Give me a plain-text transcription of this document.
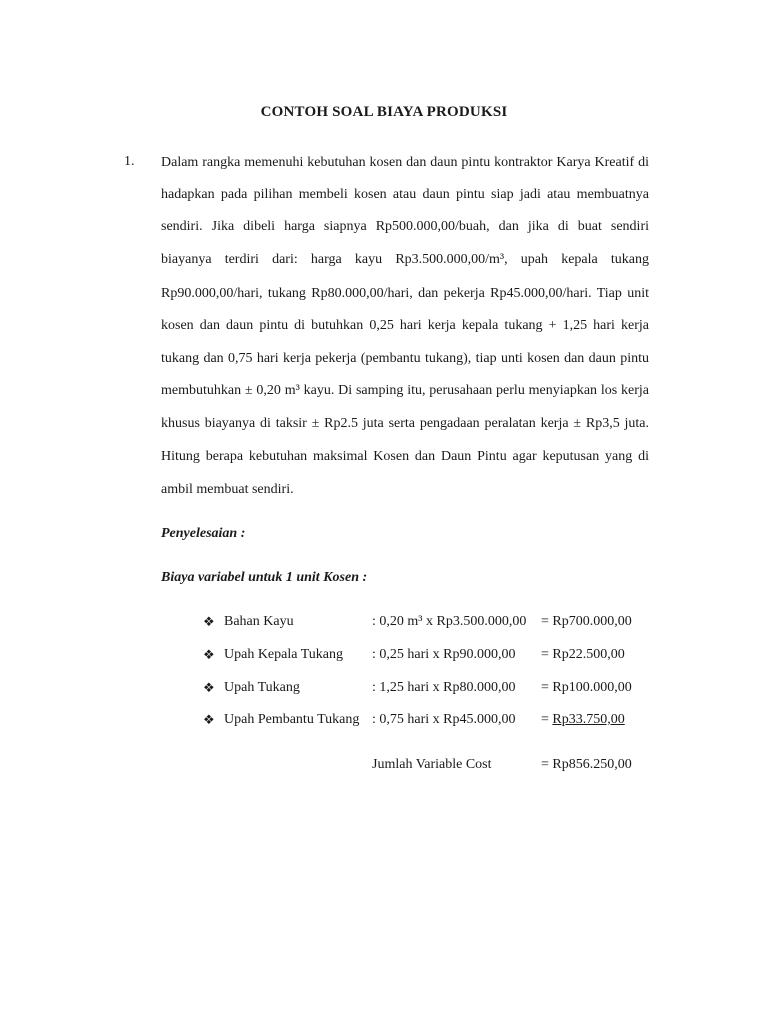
CONTOH SOAL BIAYA PRODUKSI
1. Dalam rangka memenuhi kebutuhan kosen dan daun pintu kontraktor Karya Kreatif di
hadapkan pada pilihan membeli kosen atau daun pintu siap jadi atau membuatnya
sendiri. Jika dibeli harga siapnya Rp500.000,00/buah, dan jika di buat sendiri
biayanya terdiri dari: harga kayu Rp3.500.000,00/m³, upah kepala tukang
Rp90.000,00/hari, tukang Rp80.000,00/hari, dan pekerja Rp45.000,00/hari. Tiap unit
kosen dan daun pintu di butuhkan 0,25 hari kerja kepala tukang + 1,25 hari kerja
tukang dan 0,75 hari kerja pekerja (pembantu tukang), tiap unti kosen dan daun pintu
membutuhkan ± 0,20 m³ kayu. Di samping itu, perusahaan perlu menyiapkan los kerja
khusus biayanya di taksir ± Rp2.5 juta serta pengadaan peralatan kerja ± Rp3,5 juta.
Hitung berapa kebutuhan maksimal Kosen dan Daun Pintu agar keputusan yang di
ambil membuat sendiri.
Penyelesaian :
Biaya variabel untuk 1 unit Kosen :
❖ Bahan Kayu	: 0,20 m³ x Rp3.500.000,00 = Rp700.000,00
❖ Upah Kepala Tukang : 0,25 hari x Rp90.000,00 = Rp22.500,00
❖ Upah Tukang	: 1,25 hari x Rp80.000,00 = Rp100.000,00
❖ Upah Pembantu Tukang : 0,75 hari x Rp45.000,00 = Rp33.750,00
Jumlah Variable Cost	= Rp856.250,00
